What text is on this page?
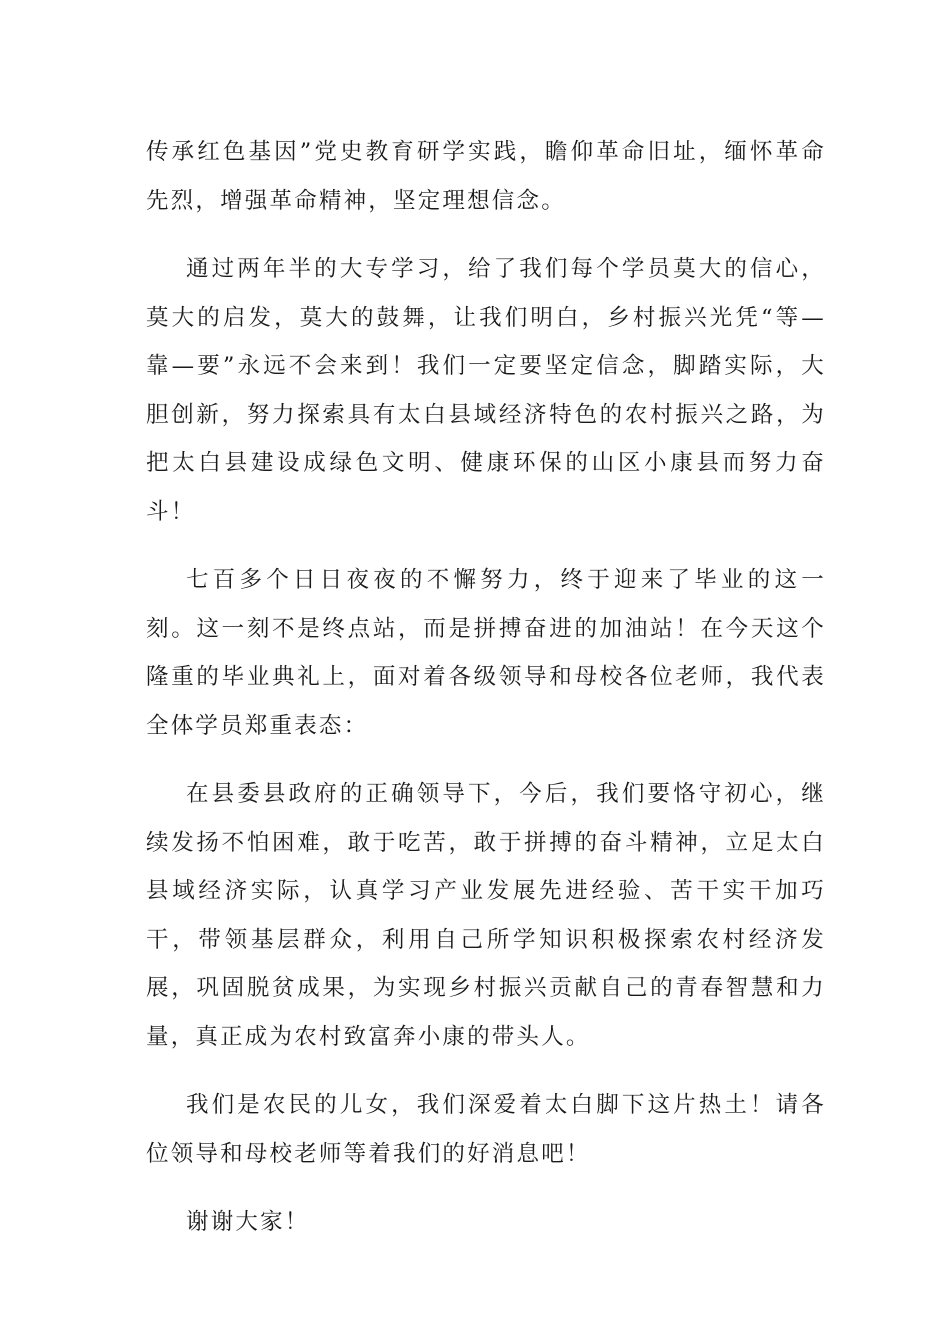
传承红色基因”党史教育研学实践，瞻仰革命旧址，缅怀革命先烈，增强革命精神，坚定理想信念。

通过两年半的大专学习，给了我们每个学员莫大的信心，莫大的启发，莫大的鼓舞，让我们明白，乡村振兴光凭“等—靠—要”永远不会来到！我们一定要坚定信念，脚踏实际，大胆创新，努力探索具有太白县域经济特色的农村振兴之路，为把太白县建设成绿色文明、健康环保的山区小康县而努力奋斗！

七百多个日日夜夜的不懈努力，终于迎来了毕业的这一刻。这一刻不是终点站，而是拼搏奋进的加油站！在今天这个隆重的毕业典礼上，面对着各级领导和母校各位老师，我代表全体学员郑重表态：

在县委县政府的正确领导下，今后，我们要恪守初心，继续发扬不怕困难，敢于吃苦，敢于拼搏的奋斗精神，立足太白县域经济实际，认真学习产业发展先进经验、苦干实干加巧干，带领基层群众，利用自己所学知识积极探索农村经济发展，巩固脱贫成果，为实现乡村振兴贡献自己的青春智慧和力量，真正成为农村致富奔小康的带头人。

我们是农民的儿女，我们深爱着太白脚下这片热土！请各位领导和母校老师等着我们的好消息吧！

谢谢大家！
